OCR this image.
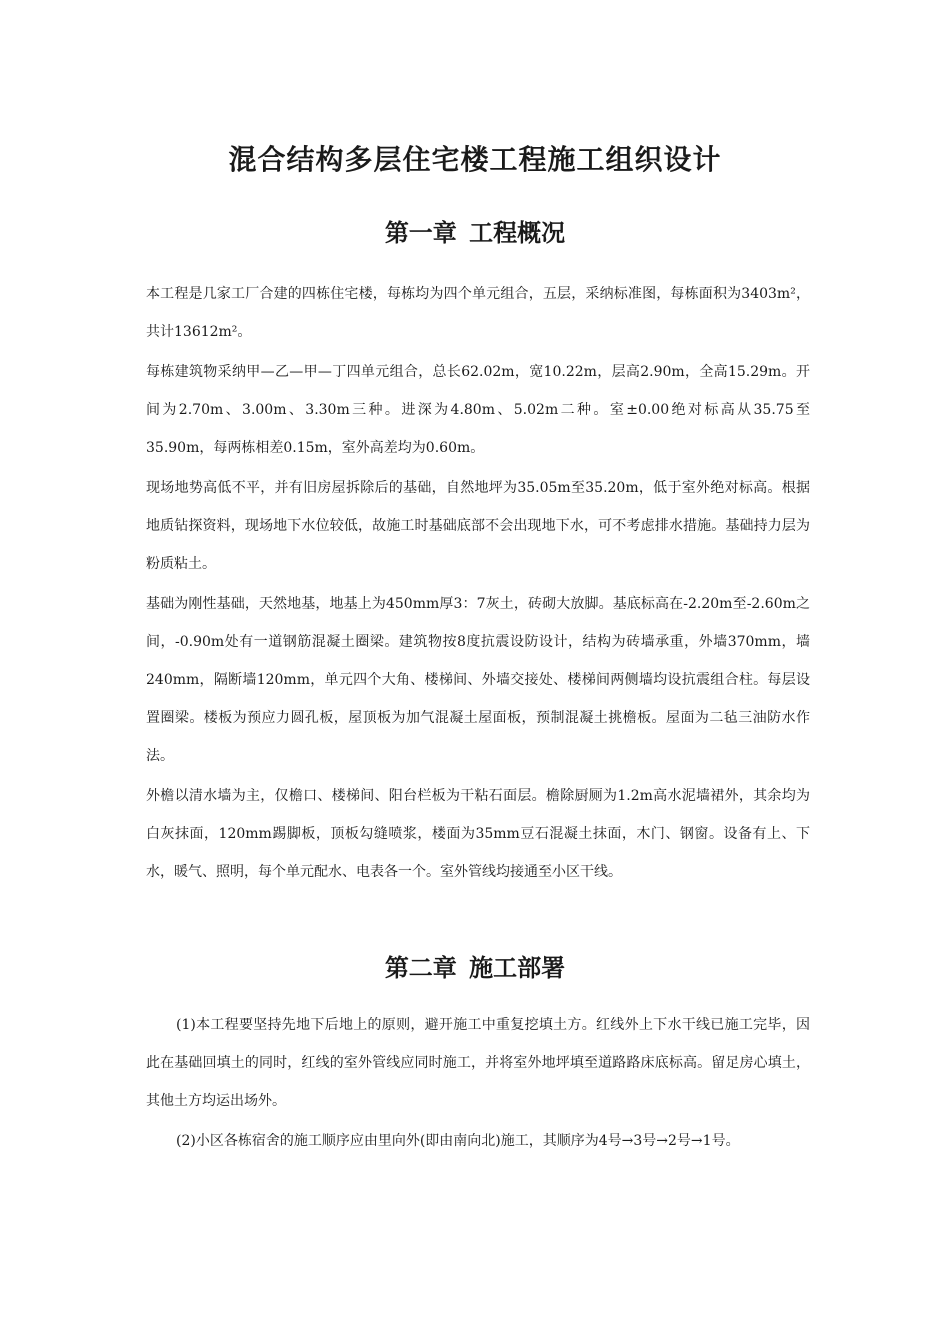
混合结构多层住宅楼工程施工组织设计
第一章 工程概况

本工程是几家工厂合建的四栋住宅楼，每栋均为四个单元组合，五层，采纳标准图，每栋面积为3403m²，共计13612m²。

每栋建筑物采纳甲—乙—甲—丁四单元组合，总长62.02m，宽10.22m，层高2.90m，全高15.29m。开间为2.70m、3.00m、3.30m三种。进深为4.80m、5.02m二种。室±0.00绝对标高从35.75至35.90m，每两栋相差0.15m，室外高差均为0.60m。

现场地势高低不平，并有旧房屋拆除后的基础，自然地坪为35.05m至35.20m，低于室外绝对标高。根据地质钻探资料，现场地下水位较低，故施工时基础底部不会出现地下水，可不考虑排水措施。基础持力层为粉质粘土。

基础为刚性基础，天然地基，地基上为450mm厚3：7灰土，砖砌大放脚。基底标高在-2.20m至-2.60m之间，-0.90m处有一道钢筋混凝土圈梁。建筑物按8度抗震设防设计，结构为砖墙承重，外墙370mm，墙240mm，隔断墙120mm，单元四个大角、楼梯间、外墙交接处、楼梯间两侧墙均设抗震组合柱。每层设置圈梁。楼板为预应力圆孔板，屋顶板为加气混凝土屋面板，预制混凝土挑檐板。屋面为二毡三油防水作法。

外檐以清水墙为主，仅檐口、楼梯间、阳台栏板为干粘石面层。檐除厨厕为1.2m高水泥墙裙外，其余均为白灰抹面，120mm踢脚板，顶板勾缝喷浆，楼面为35mm豆石混凝土抹面，木门、钢窗。设备有上、下水，暖气、照明，每个单元配水、电表各一个。室外管线均接通至小区干线。

第二章 施工部署

(1)本工程要坚持先地下后地上的原则，避开施工中重复挖填土方。红线外上下水干线已施工完毕，因此在基础回填土的同时，红线的室外管线应同时施工，并将室外地坪填至道路路床底标高。留足房心填土，其他土方均运出场外。

(2)小区各栋宿舍的施工顺序应由里向外(即由南向北)施工，其顺序为4号→3号→2号→1号。
